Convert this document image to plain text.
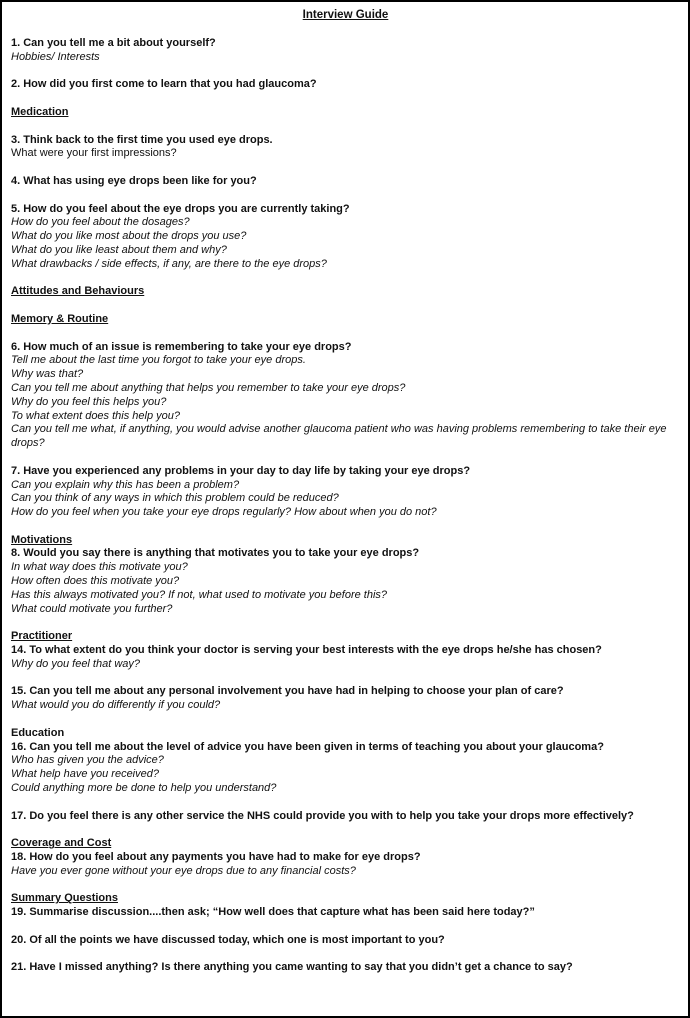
Interview Guide
1. Can you tell me a bit about yourself?
Hobbies/ Interests
2. How did you first come to learn that you had glaucoma?
Medication
3. Think back to the first time you used eye drops.
What were your first impressions?
4. What has using eye drops been like for you?
5. How do you feel about the eye drops you are currently taking?
How do you feel about the dosages?
What do you like most about the drops you use?
What do you like least about them and why?
What drawbacks / side effects, if any, are there to the eye drops?
Attitudes and Behaviours
Memory & Routine
6. How much of an issue is remembering to take your eye drops?
Tell me about the last time you forgot to take your eye drops.
Why was that?
Can you tell me about anything that helps you remember to take your eye drops?
Why do you feel this helps you?
To what extent does this help you?
Can you tell me what, if anything, you would advise another glaucoma patient who was having problems remembering to take their eye drops?
7. Have you experienced any problems in your day to day life by taking your eye drops?
Can you explain why this has been a problem?
Can you think of any ways in which this problem could be reduced?
How do you feel when you take your eye drops regularly? How about when you do not?
Motivations
8. Would you say there is anything that motivates you to take your eye drops?
In what way does this motivate you?
How often does this motivate you?
Has this always motivated you? If not, what used to motivate you before this?
What could motivate you further?
Practitioner
14. To what extent do you think your doctor is serving your best interests with the eye drops he/she has chosen?
Why do you feel that way?
15. Can you tell me about any personal involvement you have had in helping to choose your plan of care?
What would you do differently if you could?
Education
16. Can you tell me about the level of advice you have been given in terms of teaching you about your glaucoma?
Who has given you the advice?
What help have you received?
Could anything more be done to help you understand?
17. Do you feel there is any other service the NHS could provide you with to help you take your drops more effectively?
Coverage and Cost
18. How do you feel about any payments you have had to make for eye drops?
Have you ever gone without your eye drops due to any financial costs?
Summary Questions
19. Summarise discussion....then ask; “How well does that capture what has been said here today?”
20. Of all the points we have discussed today, which one is most important to you?
21. Have I missed anything? Is there anything you came wanting to say that you didn’t get a chance to say?
